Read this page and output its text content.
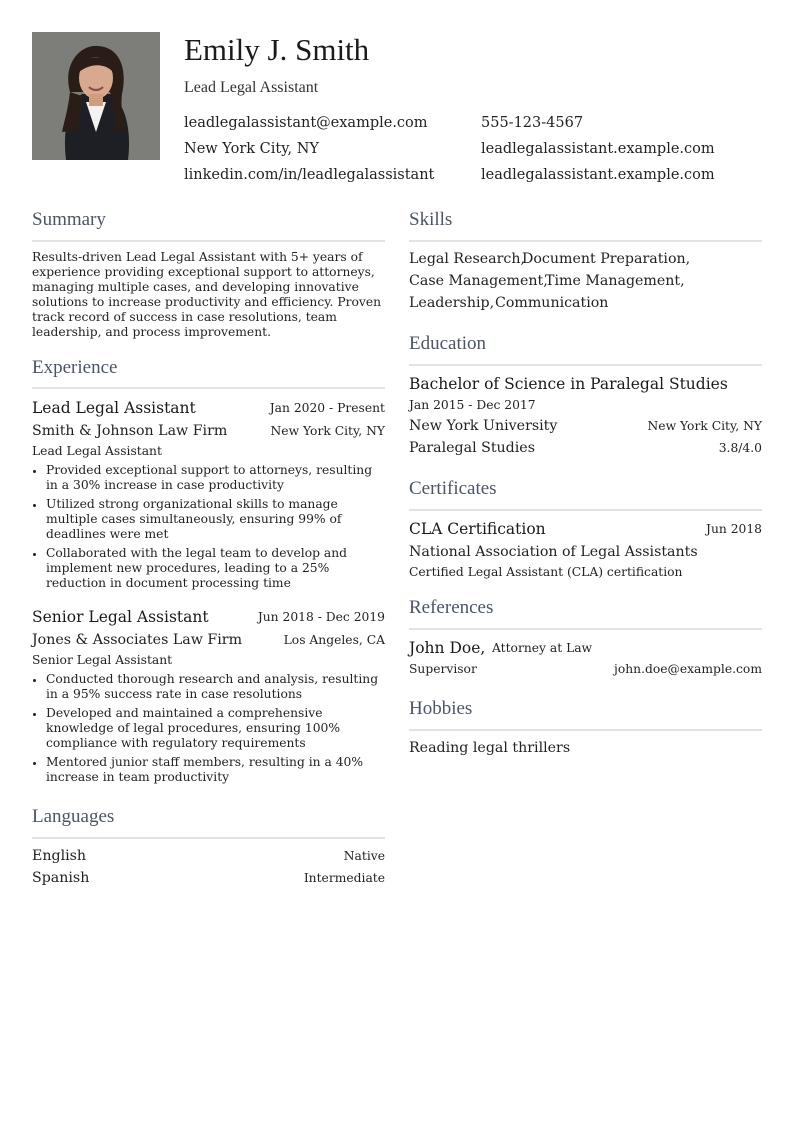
Emily J. Smith
Lead Legal Assistant
leadlegalassistant@example.com	555-123-4567
New York City, NY	leadlegalassistant.example.com
linkedin.com/in/leadlegalassistant	leadlegalassistant.example.com
Summary
Results-driven Lead Legal Assistant with 5+ years of experience providing exceptional support to attorneys, managing multiple cases, and developing innovative solutions to increase productivity and efficiency. Proven track record of success in case resolutions, team leadership, and process improvement.
Experience
Lead Legal Assistant	Jan 2020 - Present
Smith & Johnson Law Firm	New York City, NY
Lead Legal Assistant
Provided exceptional support to attorneys, resulting in a 30% increase in case productivity
Utilized strong organizational skills to manage multiple cases simultaneously, ensuring 99% of deadlines were met
Collaborated with the legal team to develop and implement new procedures, leading to a 25% reduction in document processing time
Senior Legal Assistant	Jun 2018 - Dec 2019
Jones & Associates Law Firm	Los Angeles, CA
Senior Legal Assistant
Conducted thorough research and analysis, resulting in a 95% success rate in case resolutions
Developed and maintained a comprehensive knowledge of legal procedures, ensuring 100% compliance with regulatory requirements
Mentored junior staff members, resulting in a 40% increase in team productivity
Languages
English	Native
Spanish	Intermediate
Skills
Legal Research,
Document Preparation,
Case Management,
Time Management,
Leadership, Communication
Education
Bachelor of Science in Paralegal Studies
Jan 2015 - Dec 2017
New York University	New York City, NY
Paralegal Studies	3.8/4.0
Certificates
CLA Certification	Jun 2018
National Association of Legal Assistants
Certified Legal Assistant (CLA) certification
References
John Doe, Attorney at Law
Supervisor	john.doe@example.com
Hobbies
Reading legal thrillers
